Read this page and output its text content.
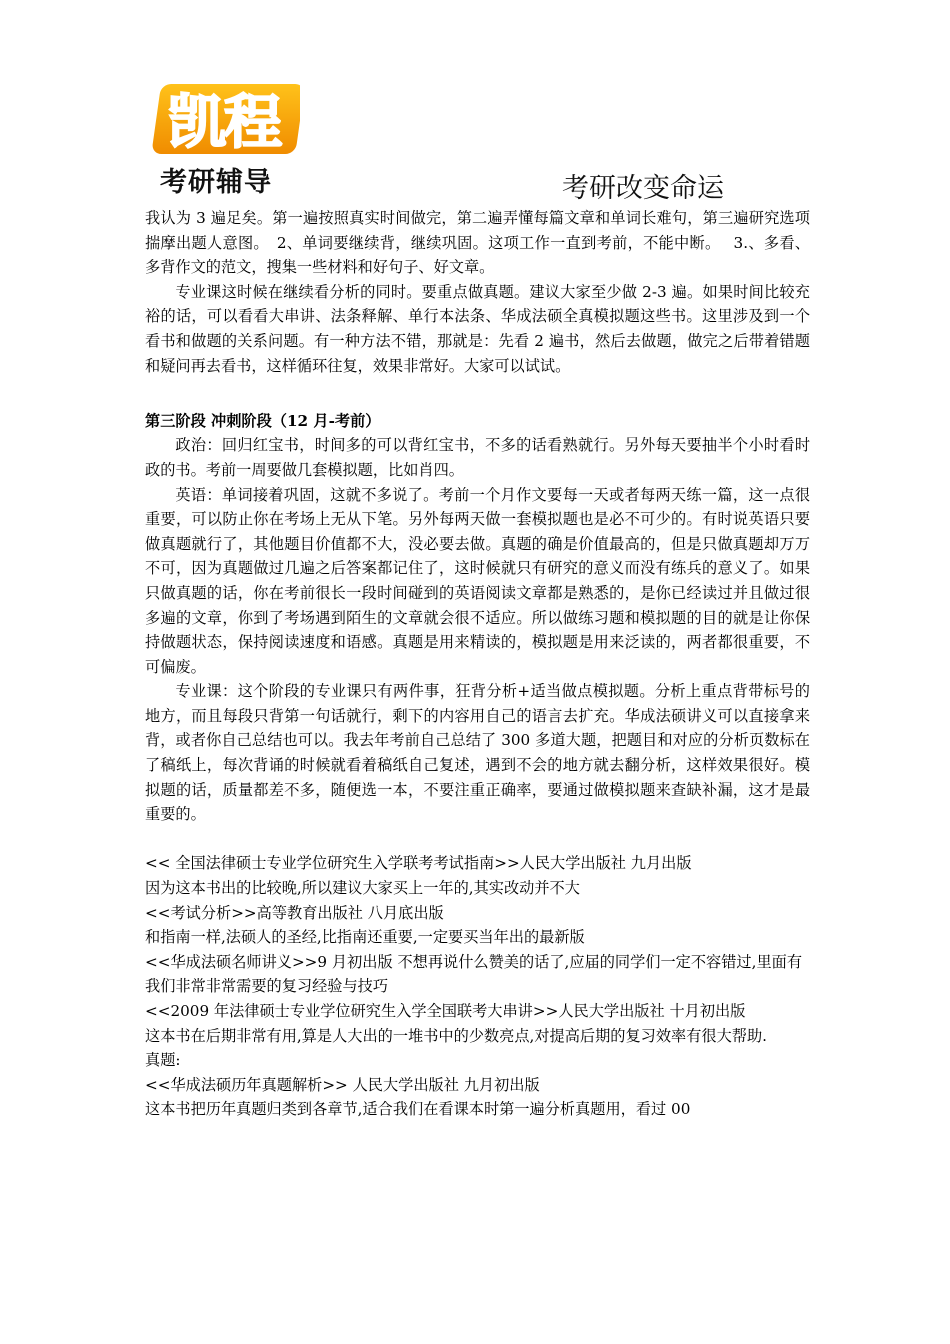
凯程
考研辅导	考研改变命运

我认为 3 遍足矣。第一遍按照真实时间做完，第二遍弄懂每篇文章和单词长难句，第三遍研究选项揣摩出题人意图。　2、单词要继续背，继续巩固。这项工作一直到考前，不能中断。　 3.、多看、多背作文的范文，搜集一些材料和好句子、好文章。

专业课这时候在继续看分析的同时。要重点做真题。建议大家至少做 2-3 遍。如果时间比较充裕的话，可以看看大串讲、法条释解、单行本法条、华成法硕全真模拟题这些书。这里涉及到一个看书和做题的关系问题。有一种方法不错，那就是：先看 2 遍书，然后去做题，做完之后带着错题和疑问再去看书，这样循环往复，效果非常好。大家可以试试。

第三阶段 冲刺阶段（12 月-考前）

政治：回归红宝书，时间多的可以背红宝书，不多的话看熟就行。另外每天要抽半个小时看时政的书。考前一周要做几套模拟题，比如肖四。

英语：单词接着巩固，这就不多说了。考前一个月作文要每一天或者每两天练一篇，这一点很重要，可以防止你在考场上无从下笔。另外每两天做一套模拟题也是必不可少的。有时说英语只要做真题就行了，其他题目价值都不大，没必要去做。真题的确是价值最高的，但是只做真题却万万不可，因为真题做过几遍之后答案都记住了，这时候就只有研究的意义而没有练兵的意义了。如果只做真题的话，你在考前很长一段时间碰到的英语阅读文章都是熟悉的，是你已经读过并且做过很多遍的文章，你到了考场遇到陌生的文章就会很不适应。所以做练习题和模拟题的目的就是让你保持做题状态，保持阅读速度和语感。真题是用来精读的，模拟题是用来泛读的，两者都很重要，不可偏废。

专业课：这个阶段的专业课只有两件事，狂背分析+适当做点模拟题。分析上重点背带标号的地方，而且每段只背第一句话就行，剩下的内容用自己的语言去扩充。华成法硕讲义可以直接拿来背，或者你自己总结也可以。我去年考前自己总结了 300 多道大题，把题目和对应的分析页数标在了稿纸上，每次背诵的时候就看着稿纸自己复述，遇到不会的地方就去翻分析，这样效果很好。模拟题的话，质量都差不多，随便选一本，不要注重正确率，要通过做模拟题来查缺补漏，这才是最重要的。

<< 全国法律硕士专业学位研究生入学联考考试指南>>人民大学出版社 九月出版

因为这本书出的比较晚,所以建议大家买上一年的,其实改动并不大

<<考试分析>>高等教育出版社 八月底出版

和指南一样,法硕人的圣经,比指南还重要,一定要买当年出的最新版

<<华成法硕名师讲义>>9 月初出版 不想再说什么赞美的话了,应届的同学们一定不容错过,里面有我们非常非常需要的复习经验与技巧

<<2009 年法律硕士专业学位研究生入学全国联考大串讲>>人民大学出版社 十月初出版

这本书在后期非常有用,算是人大出的一堆书中的少数亮点,对提高后期的复习效率有很大帮助.

真题:

<<华成法硕历年真题解析>> 人民大学出版社 九月初出版

这本书把历年真题归类到各章节,适合我们在看课本时第一遍分析真题用，看过 00
